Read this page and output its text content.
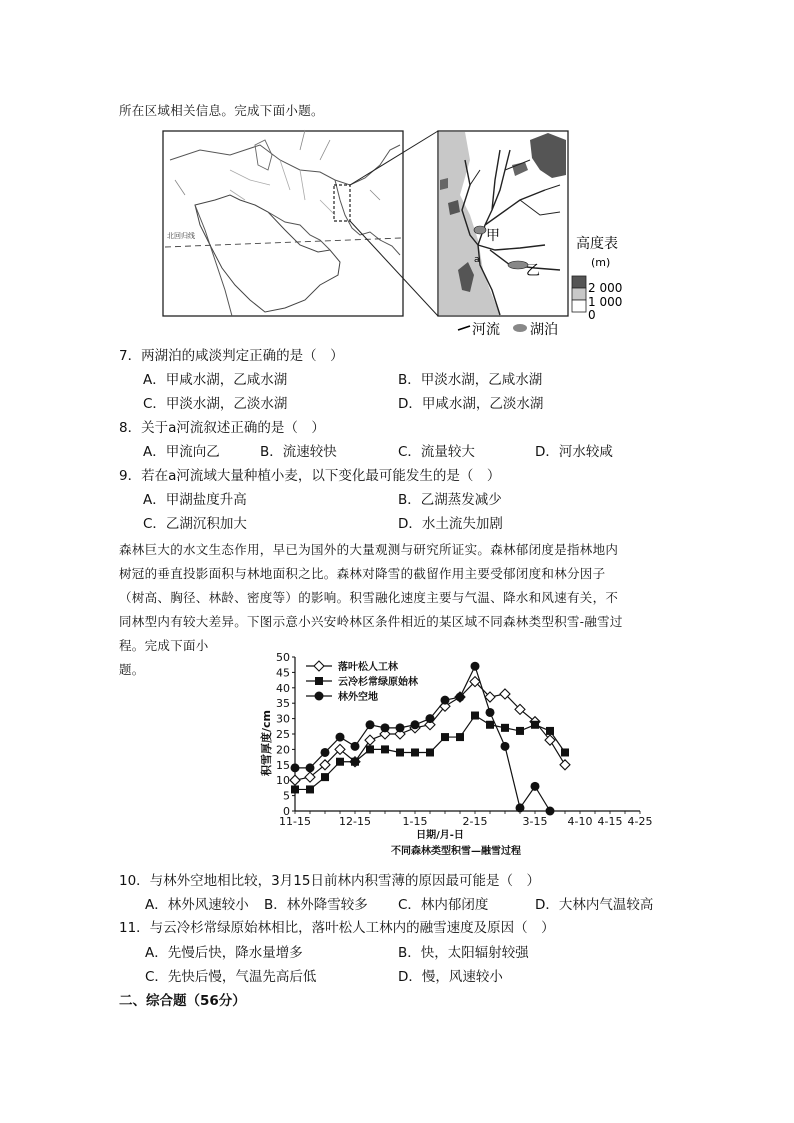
所在区域相关信息。完成下面小题。
北回归线	甲
乙
a
高度表
(m)
2 000
1 000
0
河流 湖泊
7．两湖泊的咸淡判定正确的是（　）
A．甲咸水湖，乙咸水湖	B．甲淡水湖，乙咸水湖
C．甲淡水湖，乙淡水湖	D．甲咸水湖，乙淡水湖
8．关于a河流叙述正确的是（　）
A．甲流向乙	B．流速较快	C．流量较大	D．河水较咸
9．若在a河流域大量种植小麦，以下变化最可能发生的是（　）
A．甲湖盐度升高	B．乙湖蒸发减少
C．乙湖沉积加大	D．水土流失加剧
森林巨大的水文生态作用，早已为国外的大量观测与研究所证实。森林郁闭度是指林地内
树冠的垂直投影面积与林地面积之比。森林对降雪的截留作用主要受郁闭度和林分因子
（树高、胸径、林龄、密度等）的影响。积雪融化速度主要与气温、降水和风速有关，不
同林型内有较大差异。下图示意小兴安岭林区条件相近的某区域不同森林类型积雪-融雪过
程。完成下面小
题。
0
5
10
15
20
25
30
35
40
45
50
11-15	12-15	1-15	2-15	3-15 4-10 4-15 4-25
落叶松人工林
云冷杉常绿原始林
林外空地
积雪厚度/cm
日期/月-日
不同森林类型积雪—融雪过程
10．与林外空地相比较，3月15日前林内积雪薄的原因最可能是（　）
A．林外风速较小 B．林外降雪较多 C．林内郁闭度	D．大林内气温较高
11．与云冷杉常绿原始林相比，落叶松人工林内的融雪速度及原因（　）
A．先慢后快，降水量增多	B．快，太阳辐射较强
C．先快后慢，气温先高后低	D．慢，风速较小
二、综合题（56分）
